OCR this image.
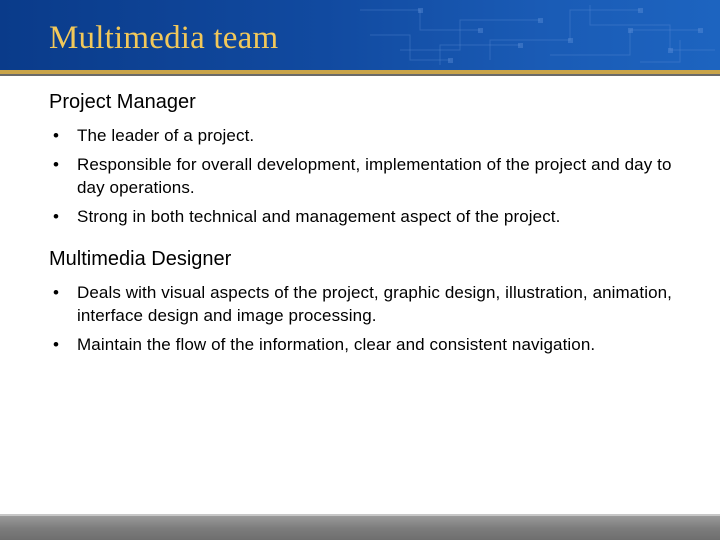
Multimedia team
Project Manager
• The leader of a project.
• Responsible for overall development, implementation of the project and day to day operations.
• Strong in both technical and management aspect of the project.
Multimedia Designer
• Deals with visual aspects of the project, graphic design, illustration, animation, interface design and image processing.
• Maintain the flow of the information, clear and consistent navigation.
